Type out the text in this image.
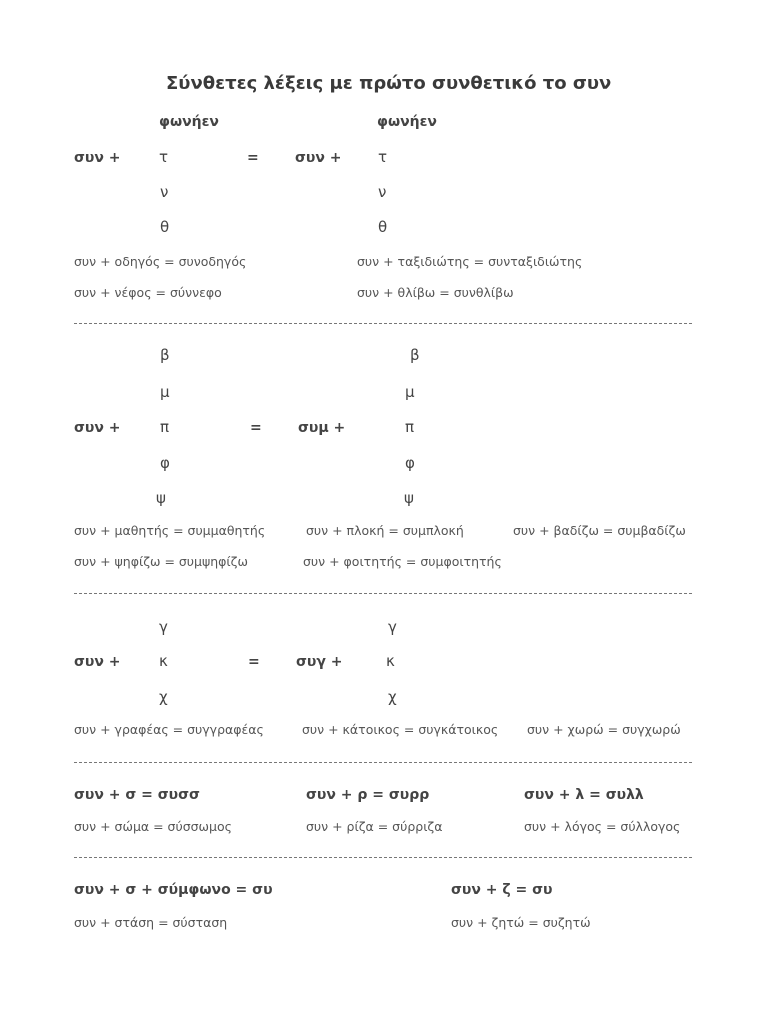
Σύνθετες λέξεις με πρώτο συνθετικό το συν
φωνήεν	φωνήεν
συν +	τ	=	συν + τ
ν	ν
θ	θ
συν + οδηγός = συνοδηγός	συν + ταξιδιώτης = συνταξιδιώτης
συν + νέφος = σύννεφο	συν + θλίβω = συνθλίβω
β	β
μ	μ
συν +	π	=	συμ +	π
φ	φ
ψ	ψ
συν + μαθητής = συμμαθητής	συν + πλοκή = συμπλοκή	συν + βαδίζω = συμβαδίζω
συν + ψηφίζω = συμψηφίζω	συν + φοιτητής = συμφοιτητής
γ	γ
συν +	κ	=	συγ +	κ
χ	χ
συν + γραφέας = συγγραφέας	συν + κάτοικος = συγκάτοικος συν + χωρώ = συγχωρώ
συν + σ = συσσ	συν + ρ = συρρ	συν + λ = συλλ
συν + σώμα = σύσσωμος	συν + ρίζα = σύρριζα	συν + λόγος = σύλλογος
συν + σ + σύμφωνο = συ	συν + ζ = συ
συν + στάση = σύσταση	συν + ζητώ = συζητώ
